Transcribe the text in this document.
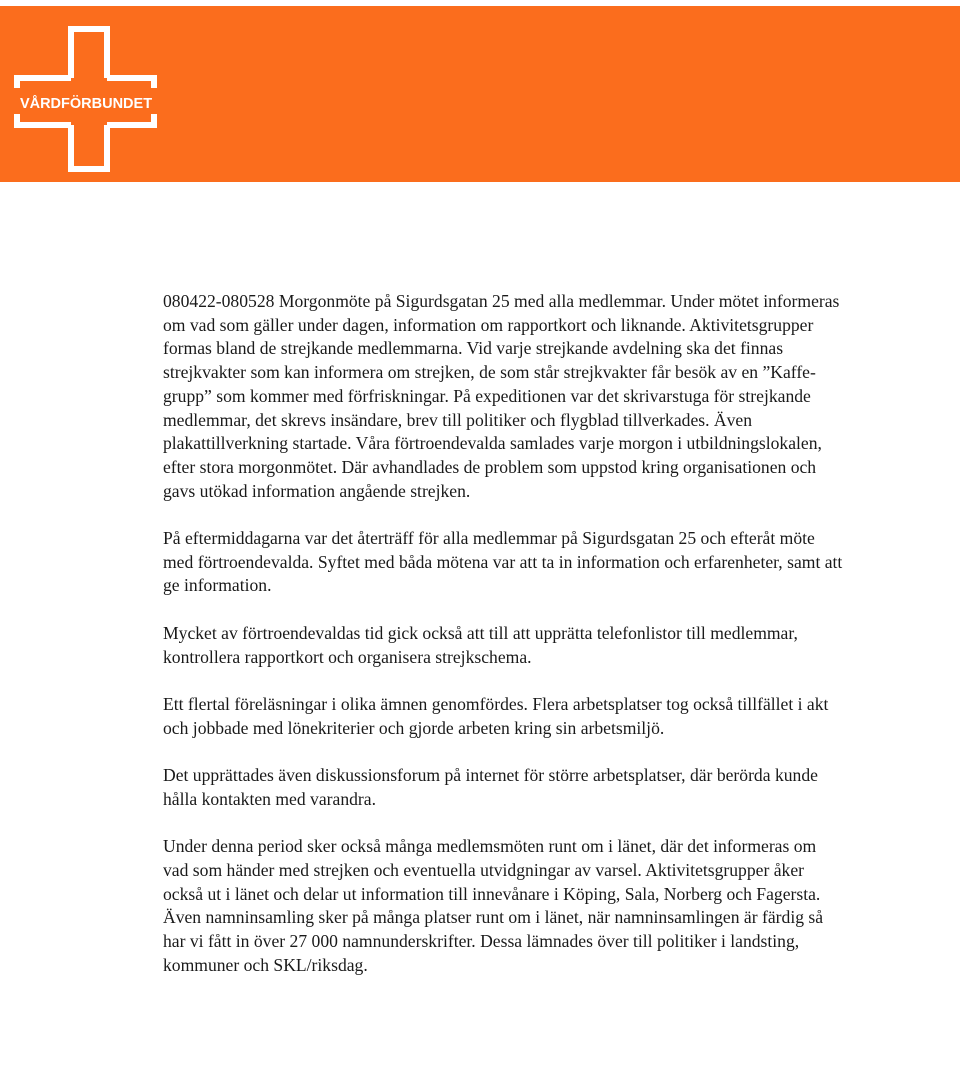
VÅRDFÖRBUNDET

080422-080528 Morgonmöte på Sigurdsgatan 25 med alla medlemmar. Under mötet informeras om vad som gäller under dagen, information om rapportkort och liknande. Aktivitetsgrupper formas bland de strejkande medlemmarna. Vid varje strejkande avdelning ska det finnas strejkvakter som kan informera om strejken, de som står strejkvakter får besök av en ”Kaffe-grupp” som kommer med förfriskningar. På expeditionen var det skrivarstuga för strejkande medlemmar, det skrevs insändare, brev till politiker och flygblad tillverkades. Även plakattillverkning startade. Våra förtroendevalda samlades varje morgon i utbildningslokalen, efter stora morgonmötet. Där avhandlades de problem som uppstod kring organisationen och gavs utökad information angående strejken.

På eftermiddagarna var det återträff för alla medlemmar på Sigurdsgatan 25 och efteråt möte med förtroendevalda. Syftet med båda mötena var att ta in information och erfarenheter, samt att ge information.

Mycket av förtroendevaldas tid gick också att till att upprätta telefonlistor till medlemmar, kontrollera rapportkort och organisera strejkschema.

Ett flertal föreläsningar i olika ämnen genomfördes. Flera arbetsplatser tog också tillfället i akt och jobbade med lönekriterier och gjorde arbeten kring sin arbetsmiljö.

Det upprättades även diskussionsforum på internet för större arbetsplatser, där berörda kunde hålla kontakten med varandra.

Under denna period sker också många medlemsmöten runt om i länet, där det informeras om vad som händer med strejken och eventuella utvidgningar av varsel. Aktivitetsgrupper åker också ut i länet och delar ut information till innevånare i Köping, Sala, Norberg och Fagersta. Även namninsamling sker på många platser runt om i länet, när namninsamlingen är färdig så har vi fått in över 27 000 namnunderskrifter. Dessa lämnades över till politiker i landsting, kommuner och SKL/riksdag.
